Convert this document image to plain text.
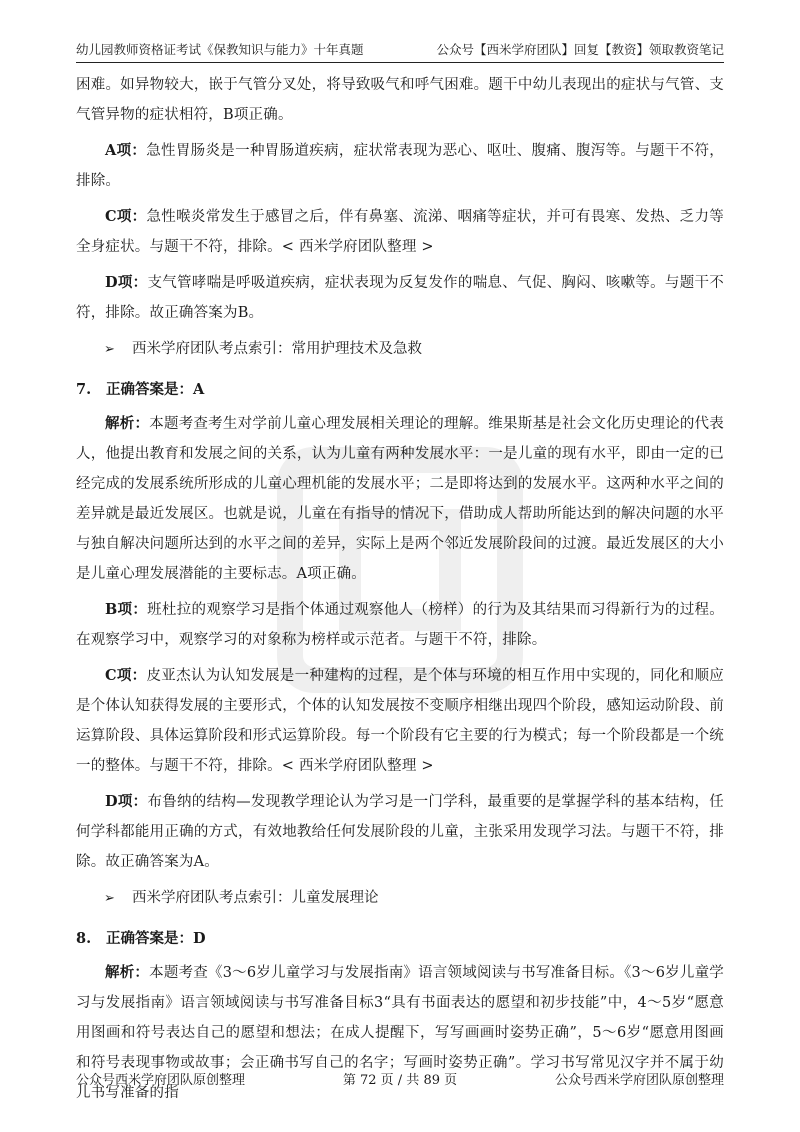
幼儿园教师资格证考试《保教知识与能力》十年真题	公众号【西米学府团队】回复【教资】领取教资笔记

困难。如异物较大，嵌于气管分叉处，将导致吸气和呼气困难。题干中幼儿表现出的症状与气管、支气管异物的症状相符，B项正确。

A项：急性胃肠炎是一种胃肠道疾病，症状常表现为恶心、呕吐、腹痛、腹泻等。与题干不符，排除。

C项：急性喉炎常发生于感冒之后，伴有鼻塞、流涕、咽痛等症状，并可有畏寒、发热、乏力等全身症状。与题干不符，排除。< 西米学府团队整理 >

D项：支气管哮喘是呼吸道疾病，症状表现为反复发作的喘息、气促、胸闷、咳嗽等。与题干不符，排除。故正确答案为B。

➢ 西米学府团队考点索引：常用护理技术及急救
7. 正确答案是：A

解析：本题考查考生对学前儿童心理发展相关理论的理解。维果斯基是社会文化历史理论的代表人，他提出教育和发展之间的关系，认为儿童有两种发展水平：一是儿童的现有水平，即由一定的已经完成的发展系统所形成的儿童心理机能的发展水平；二是即将达到的发展水平。这两种水平之间的差异就是最近发展区。也就是说，儿童在有指导的情况下，借助成人帮助所能达到的解决问题的水平与独自解决问题所达到的水平之间的差异，实际上是两个邻近发展阶段间的过渡。最近发展区的大小是儿童心理发展潜能的主要标志。A项正确。

B项：班杜拉的观察学习是指个体通过观察他人（榜样）的行为及其结果而习得新行为的过程。在观察学习中，观察学习的对象称为榜样或示范者。与题干不符，排除。

C项：皮亚杰认为认知发展是一种建构的过程，是个体与环境的相互作用中实现的，同化和顺应是个体认知获得发展的主要形式，个体的认知发展按不变顺序相继出现四个阶段，感知运动阶段、前运算阶段、具体运算阶段和形式运算阶段。每一个阶段有它主要的行为模式；每一个阶段都是一个统一的整体。与题干不符，排除。< 西米学府团队整理 >

D项：布鲁纳的结构—发现教学理论认为学习是一门学科，最重要的是掌握学科的基本结构，任何学科都能用正确的方式，有效地教给任何发展阶段的儿童，主张采用发现学习法。与题干不符，排除。故正确答案为A。

➢ 西米学府团队考点索引：儿童发展理论
8. 正确答案是：D

解析：本题考查《3～6岁儿童学习与发展指南》语言领域阅读与书写准备目标。《3～6岁儿童学习与发展指南》语言领域阅读与书写准备目标3“具有书面表达的愿望和初步技能”中，4～5岁“愿意用图画和符号表达自己的愿望和想法；在成人提醒下，写写画画时姿势正确”，5～6岁“愿意用图画和符号表现事物或故事；会正确书写自己的名字；写画时姿势正确”。学习书写常见汉字并不属于幼儿书写准备的指

公众号西米学府团队原创整理	第 72 页 / 共 89 页	公众号西米学府团队原创整理
